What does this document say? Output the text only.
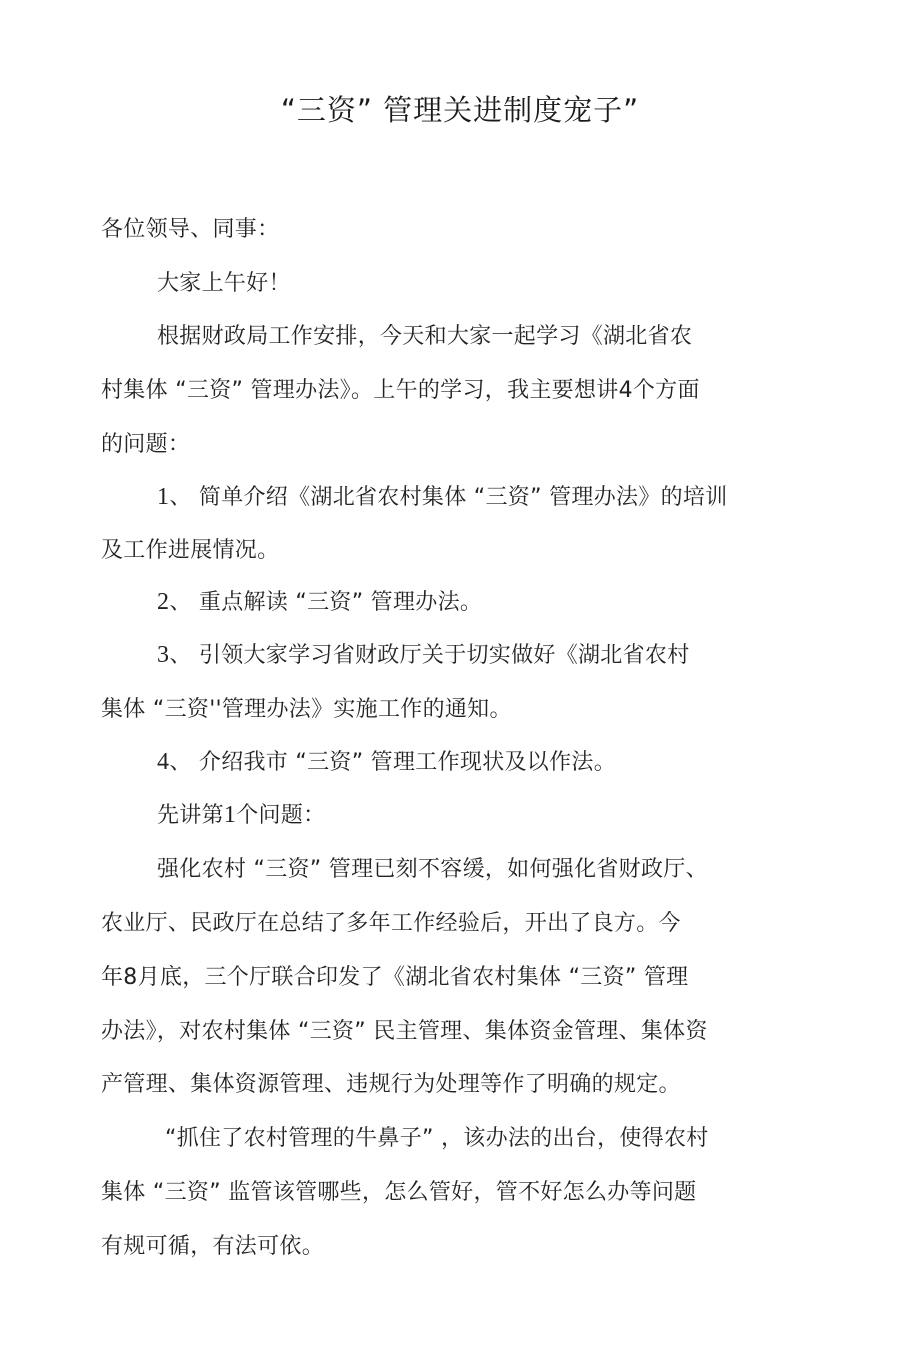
“三资” 管理关进制度宠子”
各位领导、同事：
大家上午好！
根据财政局工作安排，今天和大家一起学习《湖北省农
村集体 “三资” 管理办法》。上午的学习，我主要想讲4个方面
的问题：
1、 简单介绍《湖北省农村集体 “三资” 管理办法》的培训
及工作进展情况。
2、 重点解读 “三资” 管理办法。
3、 引领大家学习省财政厅关于切实做好《湖北省农村
集体 “三资''管理办法》实施工作的通知。
4、 介绍我市 “三资” 管理工作现状及以作法。
先讲第1个问题：
强化农村 “三资” 管理已刻不容缓，如何强化省财政厅、
农业厅、民政厅在总结了多年工作经验后，开出了良方。今
年8月底，三个厅联合印发了《湖北省农村集体 “三资” 管理
办法》，对农村集体 “三资” 民主管理、集体资金管理、集体资
产管理、集体资源管理、违规行为处理等作了明确的规定。
“抓住了农村管理的牛鼻子” ，该办法的出台，使得农村
集体 “三资” 监管该管哪些，怎么管好，管不好怎么办等问题
有规可循，有法可依。
